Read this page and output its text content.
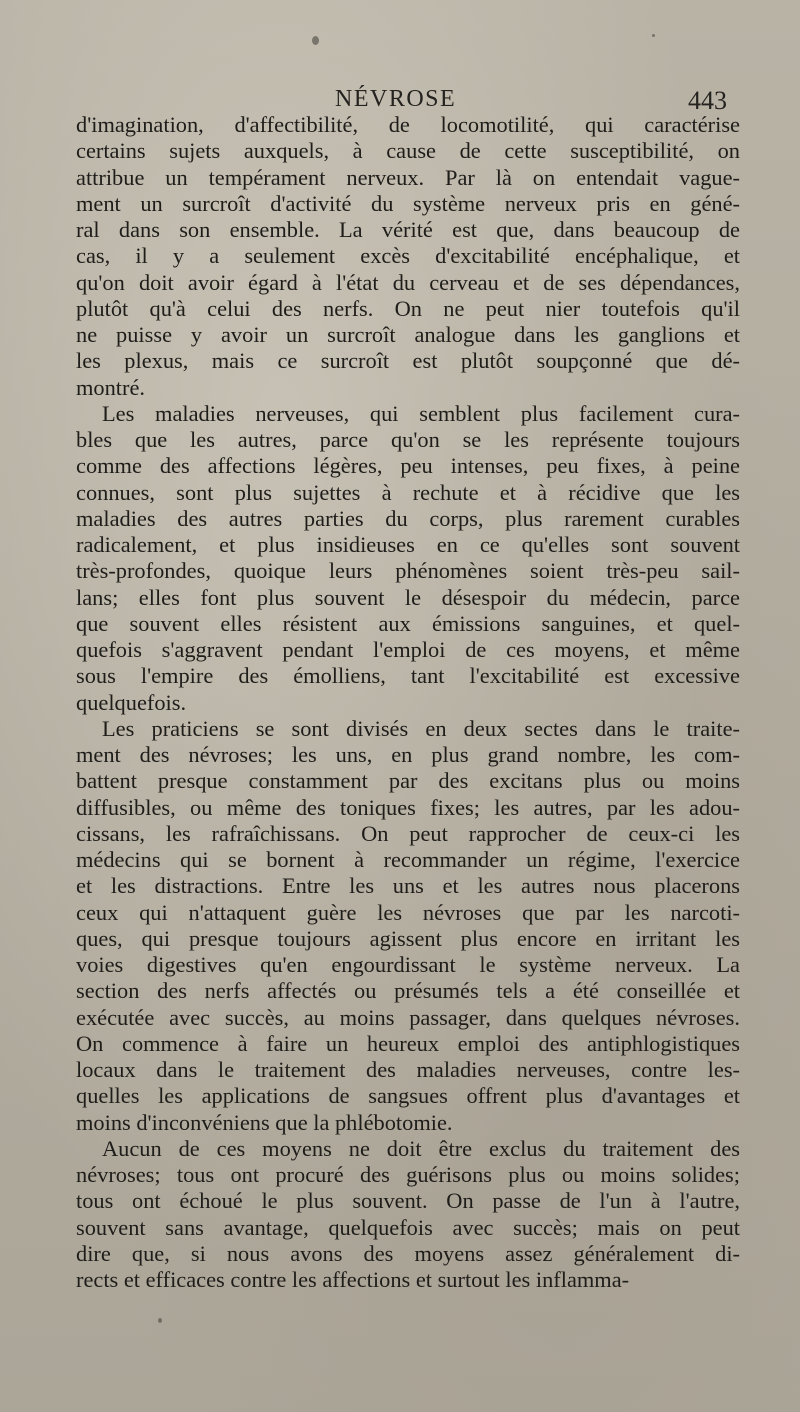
NÉVROSE	443
d'imagination, d'affectibilité, de locomotilité, qui caractérise
certains sujets auxquels, à cause de cette susceptibilité, on
attribue un tempérament nerveux. Par là on entendait vague-
ment un surcroît d'activité du système nerveux pris en géné-
ral dans son ensemble. La vérité est que, dans beaucoup de
cas, il y a seulement excès d'excitabilité encéphalique, et
qu'on doit avoir égard à l'état du cerveau et de ses dépendances,
plutôt qu'à celui des nerfs. On ne peut nier toutefois qu'il
ne puisse y avoir un surcroît analogue dans les ganglions et
les plexus, mais ce surcroît est plutôt soupçonné que dé-
montré.
Les maladies nerveuses, qui semblent plus facilement cura-
bles que les autres, parce qu'on se les représente toujours
comme des affections légères, peu intenses, peu fixes, à peine
connues, sont plus sujettes à rechute et à récidive que les
maladies des autres parties du corps, plus rarement curables
radicalement, et plus insidieuses en ce qu'elles sont souvent
très-profondes, quoique leurs phénomènes soient très-peu sail-
lans; elles font plus souvent le désespoir du médecin, parce
que souvent elles résistent aux émissions sanguines, et quel-
quefois s'aggravent pendant l'emploi de ces moyens, et même
sous l'empire des émolliens, tant l'excitabilité est excessive
quelquefois.
Les praticiens se sont divisés en deux sectes dans le traite-
ment des névroses; les uns, en plus grand nombre, les com-
battent presque constamment par des excitans plus ou moins
diffusibles, ou même des toniques fixes; les autres, par les adou-
cissans, les rafraîchissans. On peut rapprocher de ceux-ci les
médecins qui se bornent à recommander un régime, l'exercice
et les distractions. Entre les uns et les autres nous placerons
ceux qui n'attaquent guère les névroses que par les narcoti-
ques, qui presque toujours agissent plus encore en irritant les
voies digestives qu'en engourdissant le système nerveux. La
section des nerfs affectés ou présumés tels a été conseillée et
exécutée avec succès, au moins passager, dans quelques névroses.
On commence à faire un heureux emploi des antiphlogistiques
locaux dans le traitement des maladies nerveuses, contre les-
quelles les applications de sangsues offrent plus d'avantages et
moins d'inconvéniens que la phlébotomie.
Aucun de ces moyens ne doit être exclus du traitement des
névroses; tous ont procuré des guérisons plus ou moins solides;
tous ont échoué le plus souvent. On passe de l'un à l'autre,
souvent sans avantage, quelquefois avec succès; mais on peut
dire que, si nous avons des moyens assez généralement di-
rects et efficaces contre les affections et surtout les inflamma-
